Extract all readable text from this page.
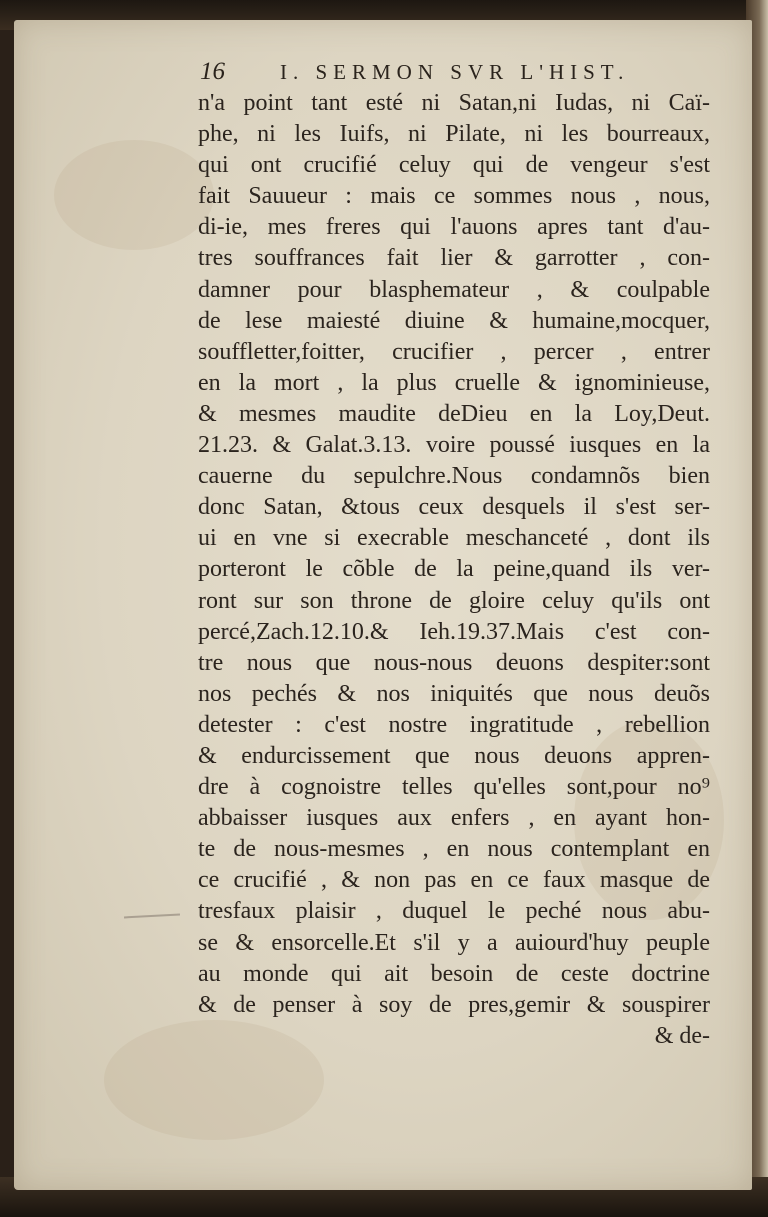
16	I. SERMON SVR L'HIST.
n'a point tant esté ni Satan,ni Iudas, ni Caï-
phe, ni les Iuifs, ni Pilate, ni les bourreaux,
qui ont crucifié celuy qui de vengeur s'est
fait Sauueur : mais ce sommes nous , nous,
di-ie, mes freres qui l'auons apres tant d'au-
tres souffrances fait lier & garrotter , con-
damner pour blasphemateur , & coulpable
de lese maiesté diuine & humaine,mocquer,
souffletter,foitter, crucifier , percer , entrer
en la mort , la plus cruelle & ignominieuse,
& mesmes maudite deDieu en la Loy,Deut.
21.23. & Galat.3.13. voire poussé iusques en la
cauerne du sepulchre.Nous condamnõs bien
donc Satan, &tous ceux desquels il s'est ser-
ui en vne si execrable meschanceté , dont ils
porteront le cõble de la peine,quand ils ver-
ront sur son throne de gloire celuy qu'ils ont
percé,Zach.12.10.& Ieh.19.37.Mais c'est con-
tre nous que nous-nous deuons despiter:sont
nos pechés & nos iniquités que nous deuõs
detester : c'est nostre ingratitude , rebellion
& endurcissement que nous deuons appren-
dre à cognoistre telles qu'elles sont,pour no⁹
abbaisser iusques aux enfers , en ayant hon-
te de nous-mesmes , en nous contemplant en
ce crucifié , & non pas en ce faux masque de
tresfaux plaisir , duquel le peché nous abu-
se & ensorcelle.Et s'il y a auiourd'huy peuple
au monde qui ait besoin de ceste doctrine
& de penser à soy de pres,gemir & souspirer
& de-
